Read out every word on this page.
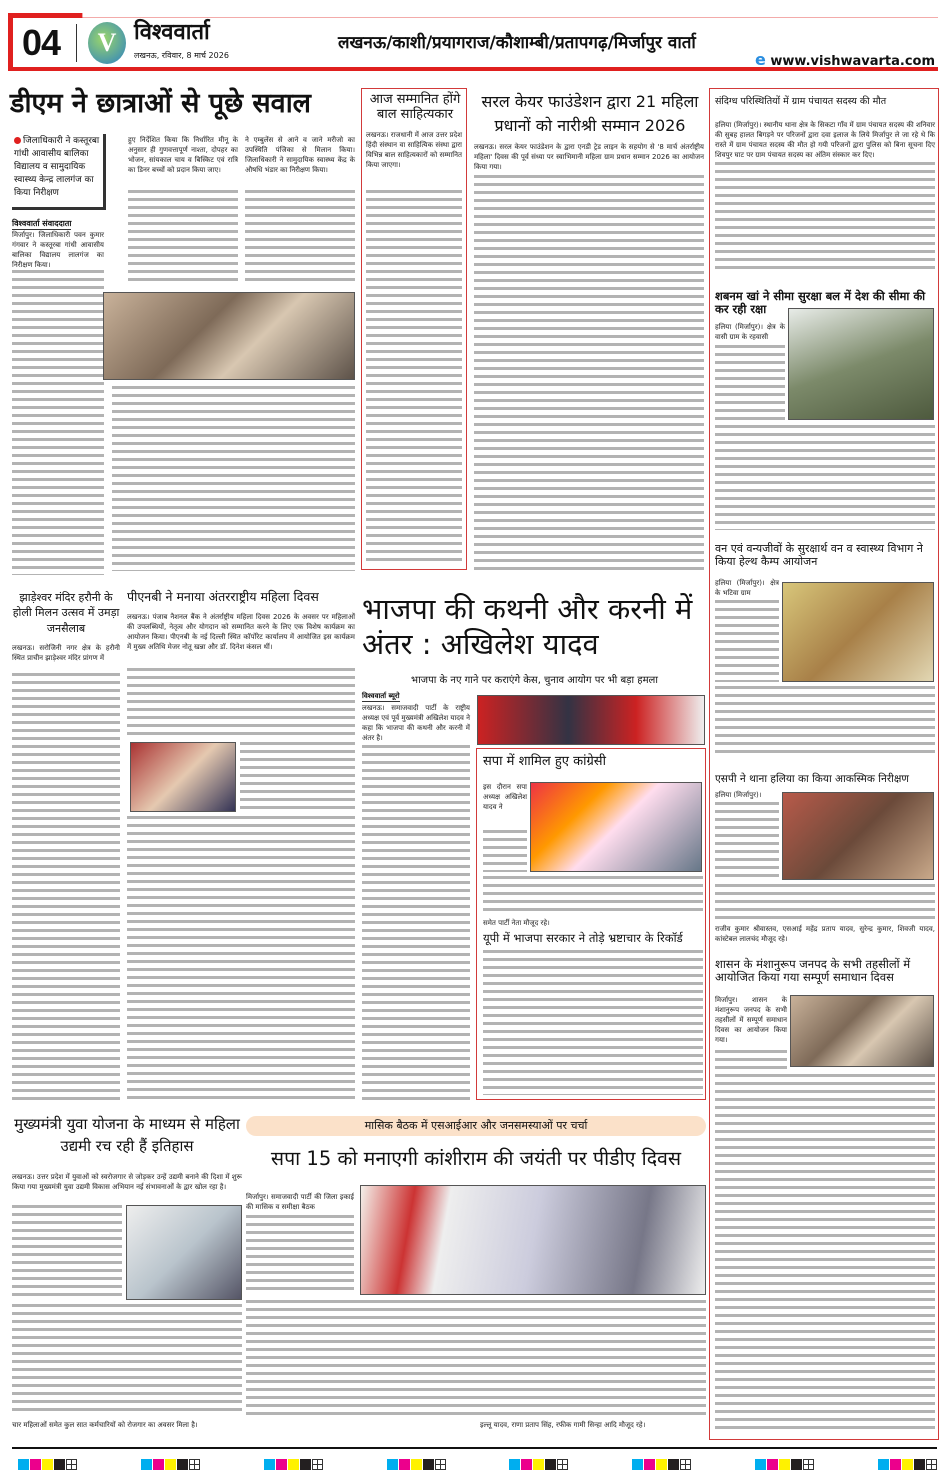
04	V विश्ववार्ता
लखनऊ, रविवार, 8 मार्च 2026
लखनऊ/काशी/प्रयागराज/कौशाम्बी/प्रतापगढ़/मिर्जापुर वार्ता
e www.vishwavarta.com
डीएम ने छात्राओं से पूछे सवाल
जिलाधिकारी ने कस्तूरबा गांधी आवासीय बालिका विद्यालय व सामुदायिक स्वास्थ्य केन्द्र लालगंज का किया निरीक्षण
विश्ववार्ता संवाददाता
मिर्जापुर। जिलाधिकारी पवन कुमार गंगवार ने कस्तूरबा गांधी आवासीय बालिका विद्यालय लालगंज का निरीक्षण किया।
हुए निर्देशित किया कि निर्धारित मीनू के अनुसार ही गुणवत्तापूर्ण नाश्ता, दोपहर का भोजन, सांयकाल चाय व बिस्किट एवं रात्रि का डिनर बच्चों को प्रदान किया जाए।
ने एम्बुलेंस से आने व जाने मरीजो का उपस्थिति पंजिका से मिलान किया। जिलाधिकारी ने सामुदायिक स्वास्थ्य केंद्र के औषधि भंडार का निरीक्षण किया।
आज सम्मानित होंगे बाल साहित्यकार
लखनऊ। राजधानी में आज उत्तर प्रदेश हिंदी संस्थान वा साहित्यिक संस्था द्वारा विभिन्न बाल साहित्यकारों को सम्मानित किया जाएगा।
सरल केयर फाउंडेशन द्वारा 21 महिला प्रधानों को नारीश्री सम्मान 2026
लखनऊ। सरल केयर फाउंडेशन के द्वारा एनडी ट्रेड लाइन के सहयोग से '8 मार्च अंतर्राष्ट्रीय महिला' दिवस की पूर्व संध्या पर स्वाभिमानी महिला ग्राम प्रधान सम्मान 2026 का आयोजन किया गया।
संदिग्ध परिस्थितियों में ग्राम पंचायत सदस्य की मौत
हलिया (मिर्जापुर)। स्थानीय थाना क्षेत्र के सिकटा गाँव में ग्राम पंचायत सदस्य की शनिवार की सुबह हालत बिगड़ने पर परिजनों द्वारा दवा इलाज के लिये मिर्जापुर ले जा रहे थे कि रास्ते में ग्राम पंचायत सदस्य की मौत हो गयी परिजनों द्वारा पुलिस को बिना सूचना दिए शिवपुर घाट पर ग्राम पंचायत सदस्य का अंतिम संस्कार कर दिए।
शबनम खां ने सीमा सुरक्षा बल में देश की सीमा की कर रही रक्षा
हलिया (मिर्जापुर)। क्षेत्र के वासी ग्राम के रहवासी
वन एवं वन्यजीवों के सुरक्षार्थ वन व स्वास्थ्य विभाग ने किया हेल्थ कैम्प आयोजन
हलिया (मिर्जापुर)। क्षेत्र के भटिवा ग्राम
एसपी ने थाना हलिया का किया आकस्मिक निरीक्षण
हलिया (मिर्जापुर)।
राजीव कुमार श्रीवास्तव, एसआई महेंद्र प्रताप यादव, सुरेन्द्र कुमार, शिवजी यादव, कांस्टेबल लालचंद मौजूद रहे।
शासन के मंशानुरूप जनपद के सभी तहसीलों में आयोजित किया गया सम्पूर्ण समाधान दिवस
मिर्जापुर। शासन के मंशानुरूप जनपद के सभी तहसीलों में सम्पूर्ण समाधान दिवस का आयोजन किया गया।
झाड़ेश्वर मंदिर हरौनी के होली मिलन उत्सव में उमड़ा जनसैलाब
लखनऊ। सरोजिनी नगर क्षेत्र के हरौनी स्थित प्राचीन झाड़ेश्वर मंदिर प्रांगण में
पीएनबी ने मनाया अंतरराष्ट्रीय महिला दिवस
लखनऊ। पंजाब नैशनल बैंक ने अंतर्राष्ट्रीय महिला दिवस 2026 के अवसर पर महिलाओं की उपलब्धियों, नेतृत्व और योगदान को सम्मानित करने के लिए एक विशेष कार्यक्रम का आयोजन किया। पीएनबी के नई दिल्ली स्थित कॉर्पोरेट कार्यालय में आयोजित इस कार्यक्रम में मुख्य अतिथि मेजर नोतू खन्ना और डॉ. दिनेश कंसल थीं।
भाजपा की कथनी और करनी में अंतर : अखिलेश यादव
भाजपा के नए गाने पर कराएंगे केस, चुनाव आयोग पर भी बड़ा हमला
विश्ववार्ता ब्यूरो
लखनऊ। समाजवादी पार्टी के राष्ट्रीय अध्यक्ष एवं पूर्व मुख्यमंत्री अखिलेश यादव ने कहा कि भाजपा की कथनी और करनी में अंतर है।
सपा में शामिल हुए कांग्रेसी
इस दौरान सपा अध्यक्ष अखिलेश यादव ने
समेत पार्टी नेता मौजूद रहे।
यूपी में भाजपा सरकार ने तोड़े भ्रष्टाचार के रिकॉर्ड
मुख्यमंत्री युवा योजना के माध्यम से महिला उद्यमी रच रही हैं इतिहास
लखनऊ। उत्तर प्रदेश में युवाओं को स्वरोजगार से जोड़कर उन्हें उद्यमी बनाने की दिशा में शुरू किया गया मुख्यमंत्री युवा उद्यमी विकास अभियान नई संभावनाओं के द्वार खोल रहा है।
चार महिलाओं समेत कुल सात कर्मचारियों को रोजगार का अवसर मिला है।
मासिक बैठक में एसआईआर और जनसमस्याओं पर चर्चा
सपा 15 को मनाएगी कांशीराम की जयंती पर पीडीए दिवस
मिर्जापुर। समाजवादी पार्टी की जिला इकाई की मासिक व समीक्षा बैठक
इल्लू यादव, राणा प्रताप सिंह, रफीक गामी सिन्हा आदि मौजूद रहे।
